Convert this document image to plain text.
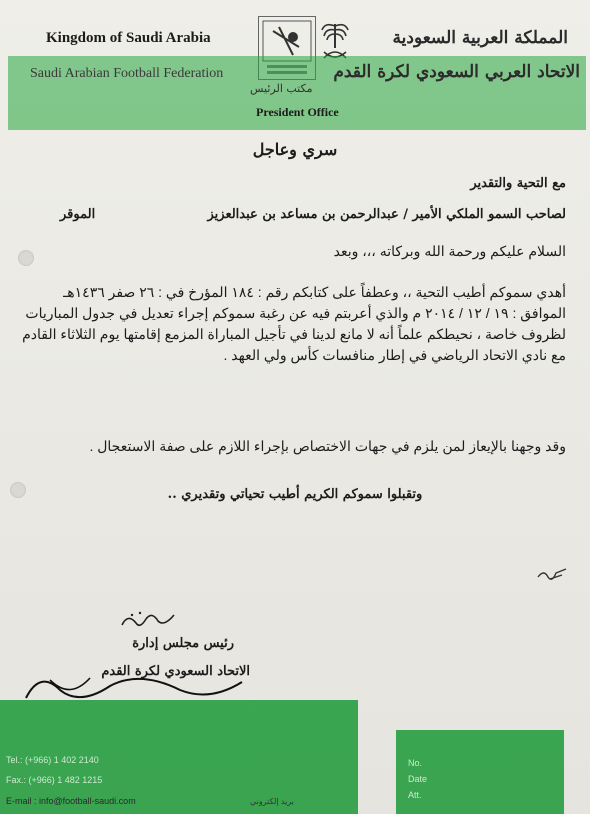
Kingdom of Saudi Arabia	المملكة العربية السعودية
Saudi Arabian Football Federation	الاتحاد العربي السعودي لكرة القدم
مكتب الرئيس
President Office
سري وعاجل
مع التحية والتقدير
لصاحب السمو الملكي الأمير / عبدالرحمن بن مساعد بن عبدالعزيز
الموقر
السلام عليكم ورحمة الله وبركاته ،،، وبعد
أهدي سموكم أطيب التحية ،، وعطفاً على كتابكم رقم : ١٨٤ المؤرخ في : ٢٦ صفر ١٤٣٦هـ الموافق : ١٩ / ١٢ / ٢٠١٤ م والذي أعربتم فيه عن رغبة سموكم إجراء تعديل في جدول المباريات لظروف خاصة ، نحيطكم علماً أنه لا مانع لدينا في تأجيل المباراة المزمع إقامتها يوم الثلاثاء القادم مع نادي الاتحاد الرياضي في إطار منافسات كأس ولي العهد .
وقد وجهنا بالإيعاز لمن يلزم في جهات الاختصاص بإجراء اللازم على صفة الاستعجال .
وتقبلوا سموكم الكريم أطيب تحياتي وتقديري ..
رئيس مجلس إدارة
الاتحاد السعودي لكرة القدم
Tel.: (+966) 1 402 2140
Fax.: (+966) 1 482 1215
E-mail : info@football-saudi.com	بريد إلكتروني
No.
Date
Att.
